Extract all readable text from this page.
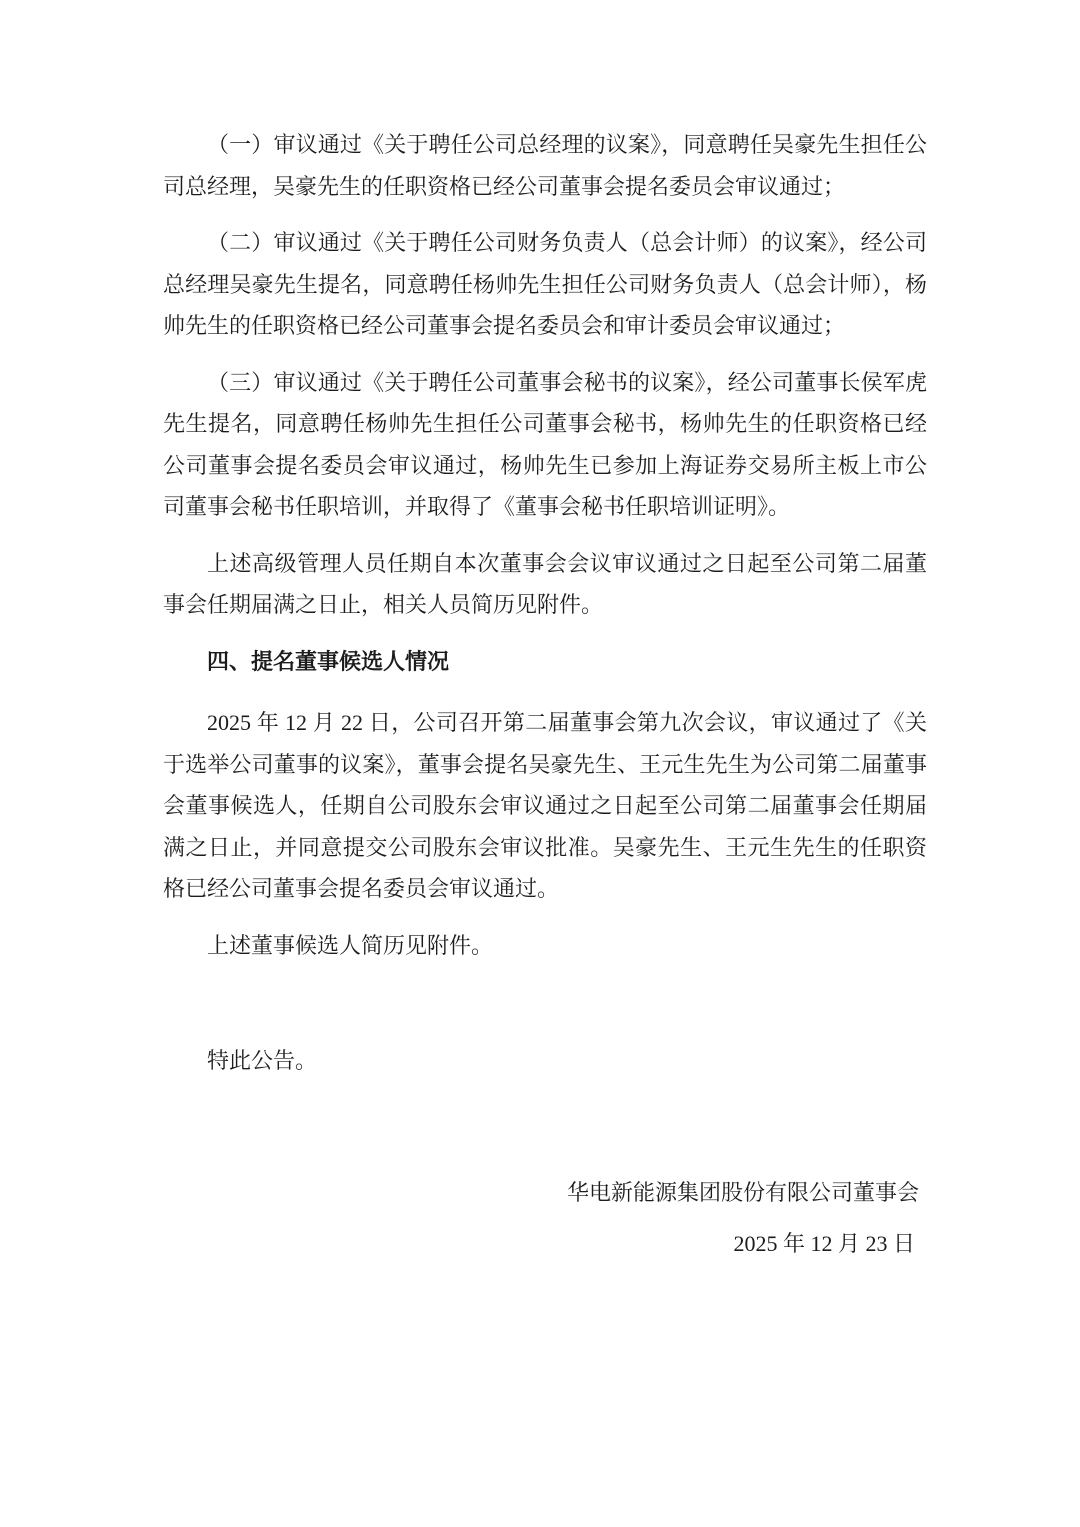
（一）审议通过《关于聘任公司总经理的议案》，同意聘任吴豪先生担任公司总经理，吴豪先生的任职资格已经公司董事会提名委员会审议通过；

（二）审议通过《关于聘任公司财务负责人（总会计师）的议案》，经公司总经理吴豪先生提名，同意聘任杨帅先生担任公司财务负责人（总会计师），杨帅先生的任职资格已经公司董事会提名委员会和审计委员会审议通过；

（三）审议通过《关于聘任公司董事会秘书的议案》，经公司董事长侯军虎先生提名，同意聘任杨帅先生担任公司董事会秘书，杨帅先生的任职资格已经公司董事会提名委员会审议通过，杨帅先生已参加上海证券交易所主板上市公司董事会秘书任职培训，并取得了《董事会秘书任职培训证明》。

上述高级管理人员任期自本次董事会会议审议通过之日起至公司第二届董事会任期届满之日止，相关人员简历见附件。

四、提名董事候选人情况

2025 年 12 月 22 日，公司召开第二届董事会第九次会议，审议通过了《关于选举公司董事的议案》，董事会提名吴豪先生、王元生先生为公司第二届董事会董事候选人，任期自公司股东会审议通过之日起至公司第二届董事会任期届满之日止，并同意提交公司股东会审议批准。吴豪先生、王元生先生的任职资格已经公司董事会提名委员会审议通过。

上述董事候选人简历见附件。

特此公告。

华电新能源集团股份有限公司董事会

2025 年 12 月 23 日
